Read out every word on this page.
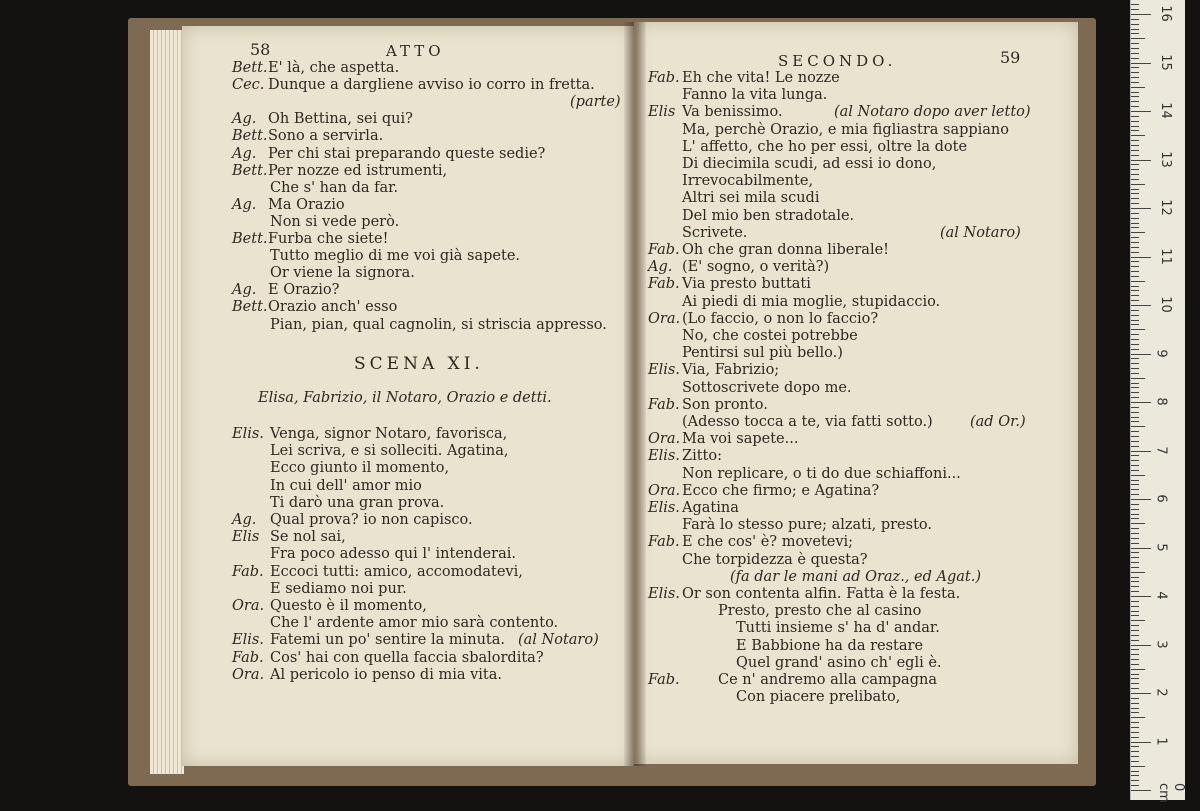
58	ATTO
Bett. E' là, che aspetta.
Cec. Dunque a dargliene avviso io corro in fretta.
(parte)
Ag. Oh Bettina, sei qui?
Bett. Sono a servirla.
Ag. Per chi stai preparando queste sedie?
Bett. Per nozze ed istrumenti,
Che s' han da far.
Ag. Ma Orazio
Non si vede però.
Bett. Furba che siete!
Tutto meglio di me voi già sapete.
Or viene la signora.
Ag. E Orazio?
Bett. Orazio anch' esso
Pian, pian, qual cagnolin, si striscia appresso.
SCENA XI.
Elisa, Fabrizio, il Notaro, Orazio e detti.
Elis. Venga, signor Notaro, favorisca,
Lei scriva, e si solleciti. Agatina,
Ecco giunto il momento,
In cui dell' amor mio
Ti darò una gran prova.
Ag. Qual prova? io non capisco.
Elis Se nol sai,
Fra poco adesso qui l' intenderai.
Fab. Eccoci tutti: amico, accomodatevi,
E sediamo noi pur.
Ora. Questo è il momento,
Che l' ardente amor mio sarà contento.
Elis. Fatemi un po' sentire la minuta.
Fab. Cos' hai con quella faccia sbalordita?
Ora. Al pericolo io penso di mia vita.
(al Notaro)
SECONDO.	59
Fab. Eh che vita! Le nozze
Fanno la vita lunga.
Elis Va benissimo.	(al Notaro dopo aver letto)
Ma, perchè Orazio, e mia figliastra sappiano
L' affetto, che ho per essi, oltre la dote
Di diecimila scudi, ad essi io dono,
Irrevocabilmente,
Altri sei mila scudi
Del mio ben stradotale.
Scrivete.	(al Notaro)
Fab. Oh che gran donna liberale!
Ag. (E' sogno, o verità?)
Fab. Via presto buttati
Ai piedi di mia moglie, stupidaccio.
Ora. (Lo faccio, o non lo faccio?
No, che costei potrebbe
Pentirsi sul più bello.)
Elis. Via, Fabrizio;
Sottoscrivete dopo me.
Fab. Son pronto.
(Adesso tocca a te, via fatti sotto.)	(ad Or.)
Ora. Ma voi sapete...
Elis. Zitto:
Non replicare, o ti do due schiaffoni...
Ora. Ecco che firmo; e Agatina?
Elis. Agatina
Farà lo stesso pure; alzati, presto.
Fab. E che cos' è? movetevi;
Che torpidezza è questa?
(fa dar le mani ad Oraz., ed Agat.)
Elis. Or son contenta alfin. Fatta è la festa.
Presto, presto che al casino
Tutti insieme s' ha d' andar.
E Babbione ha da restare
Quel grand' asino ch' egli è.
Fab.	Ce n' andremo alla campagna
Con piacere prelibato,
0 cm
1
2
3
4
5
6
7
8
9
10
11
12
13
14
15
16
